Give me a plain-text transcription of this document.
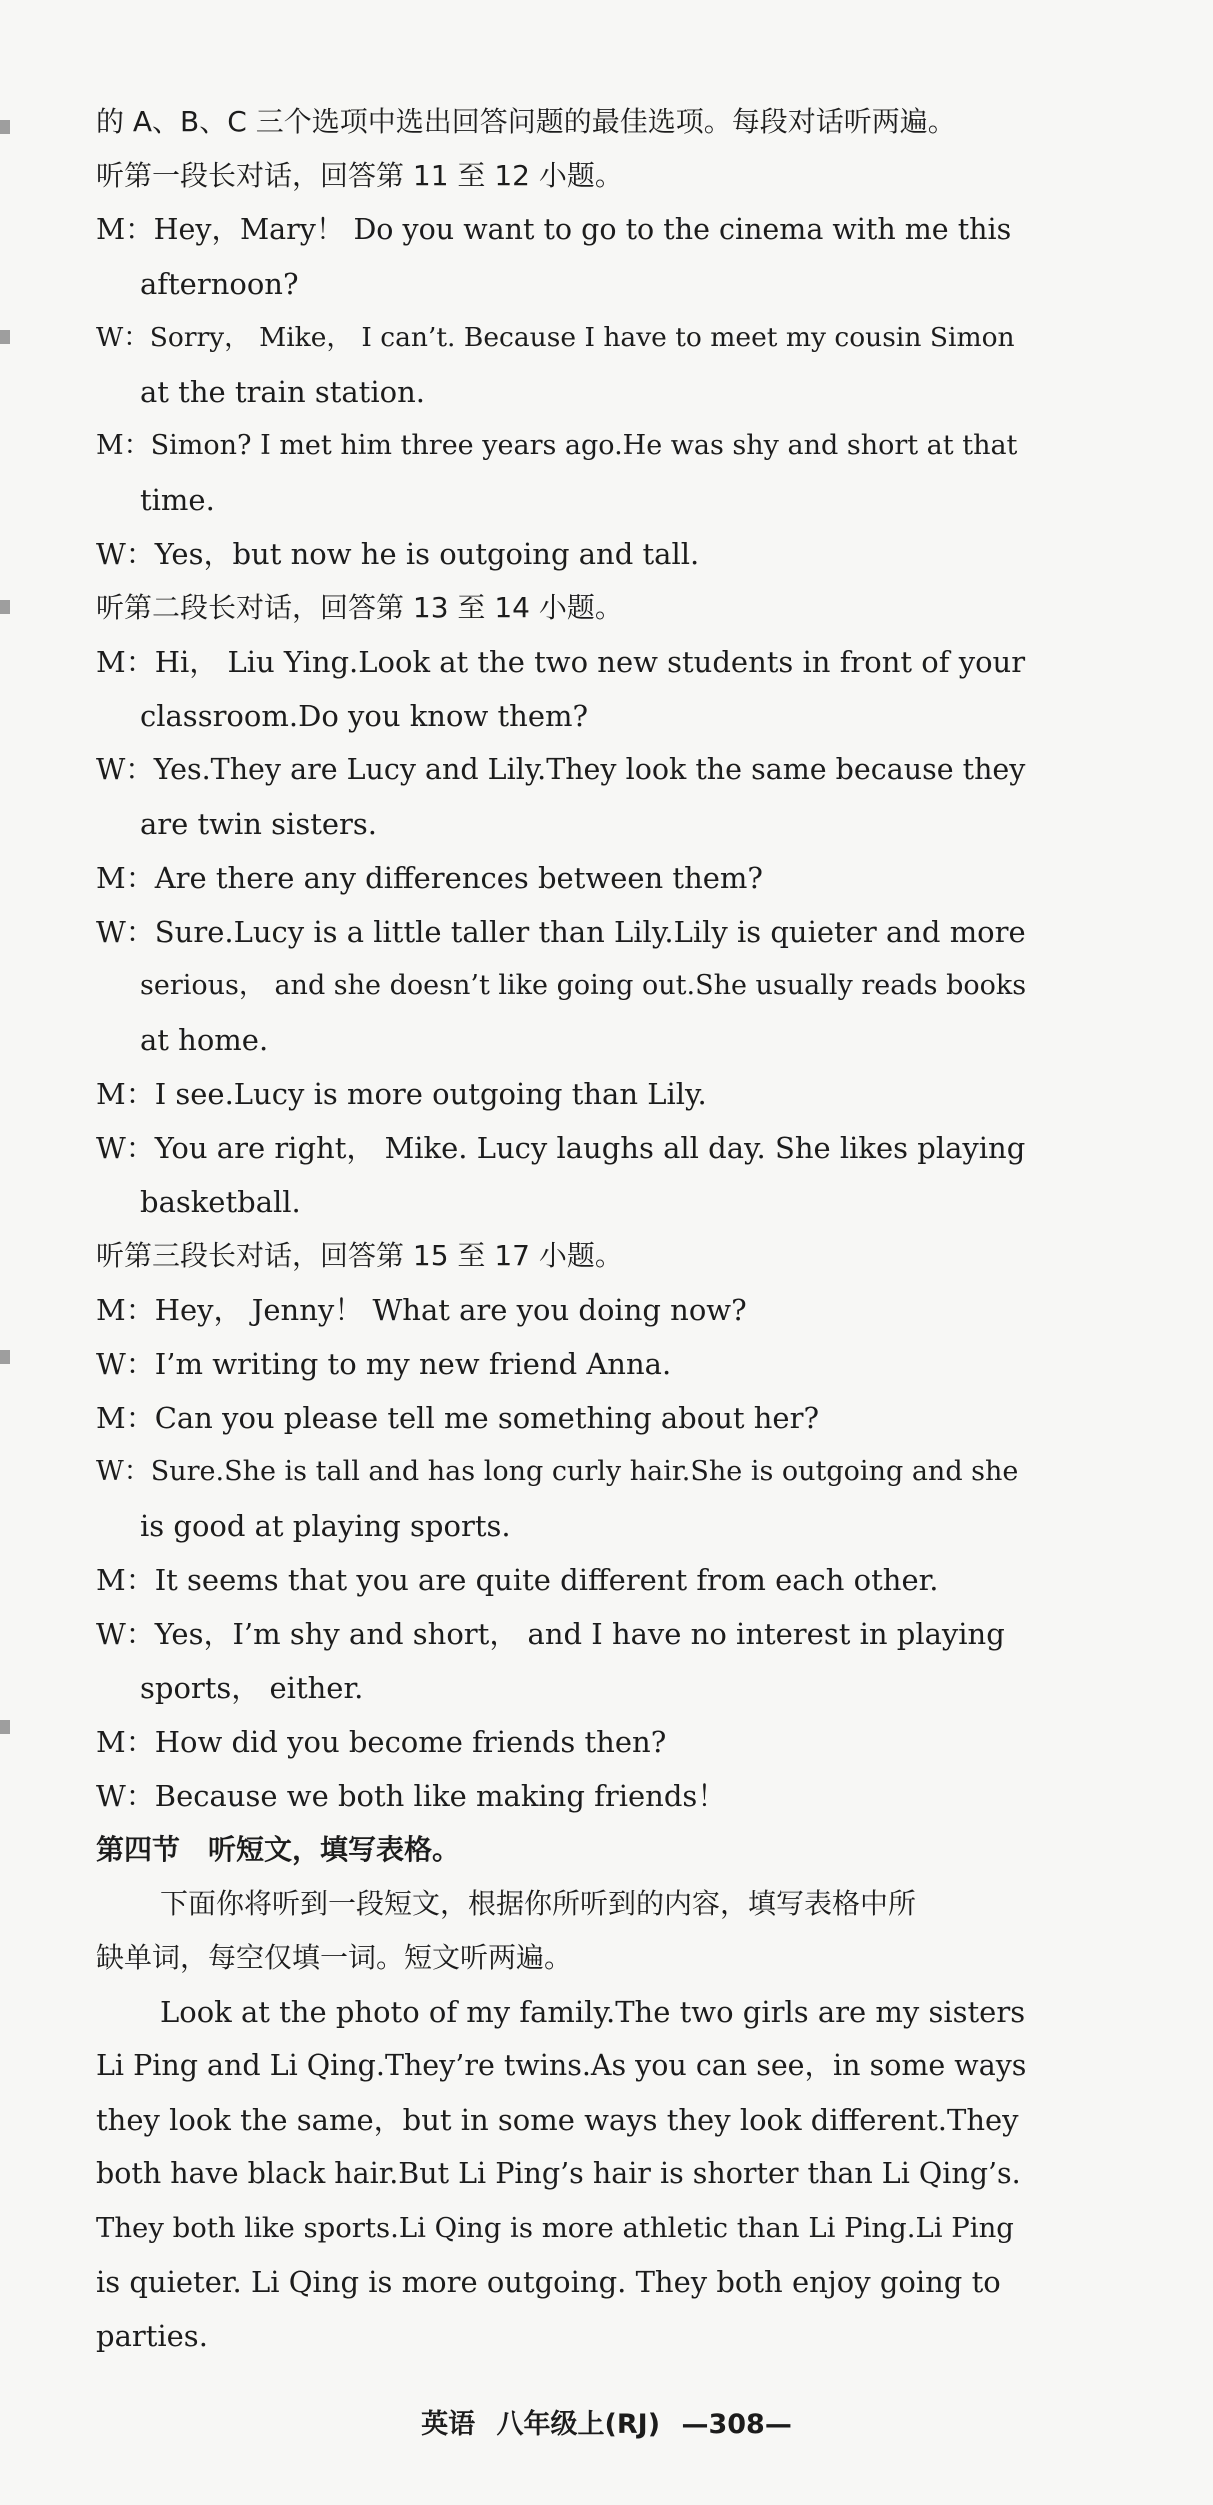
的 A、B、C 三个选项中选出回答问题的最佳选项。每段对话听两遍。
听第一段长对话，回答第 11 至 12 小题。
M：Hey，Mary！ Do you want to go to the cinema with me this
afternoon?
W：Sorry， Mike， I can’t. Because I have to meet my cousin Simon
at the train station.
M：Simon? I met him three years ago.He was shy and short at that
time.
W：Yes，but now he is outgoing and tall.
听第二段长对话，回答第 13 至 14 小题。
M：Hi， Liu Ying.Look at the two new students in front of your
classroom.Do you know them?
W：Yes.They are Lucy and Lily.They look the same because they
are twin sisters.
M：Are there any differences between them?
W：Sure.Lucy is a little taller than Lily.Lily is quieter and more
serious， and she doesn’t like going out.She usually reads books
at home.
M：I see.Lucy is more outgoing than Lily.
W：You are right， Mike. Lucy laughs all day. She likes playing
basketball.
听第三段长对话，回答第 15 至 17 小题。
M：Hey， Jenny！ What are you doing now?
W：I’m writing to my new friend Anna.
M：Can you please tell me something about her?
W：Sure.She is tall and has long curly hair.She is outgoing and she
is good at playing sports.
M：It seems that you are quite different from each other.
W：Yes，I’m shy and short， and I have no interest in playing
sports， either.
M：How did you become friends then?
W：Because we both like making friends！
第四节　听短文，填写表格。
下面你将听到一段短文，根据你所听到的内容，填写表格中所
缺单词，每空仅填一词。短文听两遍。
Look at the photo of my family.The two girls are my sisters
Li Ping and Li Qing.They’re twins.As you can see，in some ways
they look the same，but in some ways they look different.They
both have black hair.But Li Ping’s hair is shorter than Li Qing’s.
They both like sports.Li Qing is more athletic than Li Ping.Li Ping
is quieter. Li Qing is more outgoing. They both enjoy going to
parties.
英语 八年级上(RJ) —308—
